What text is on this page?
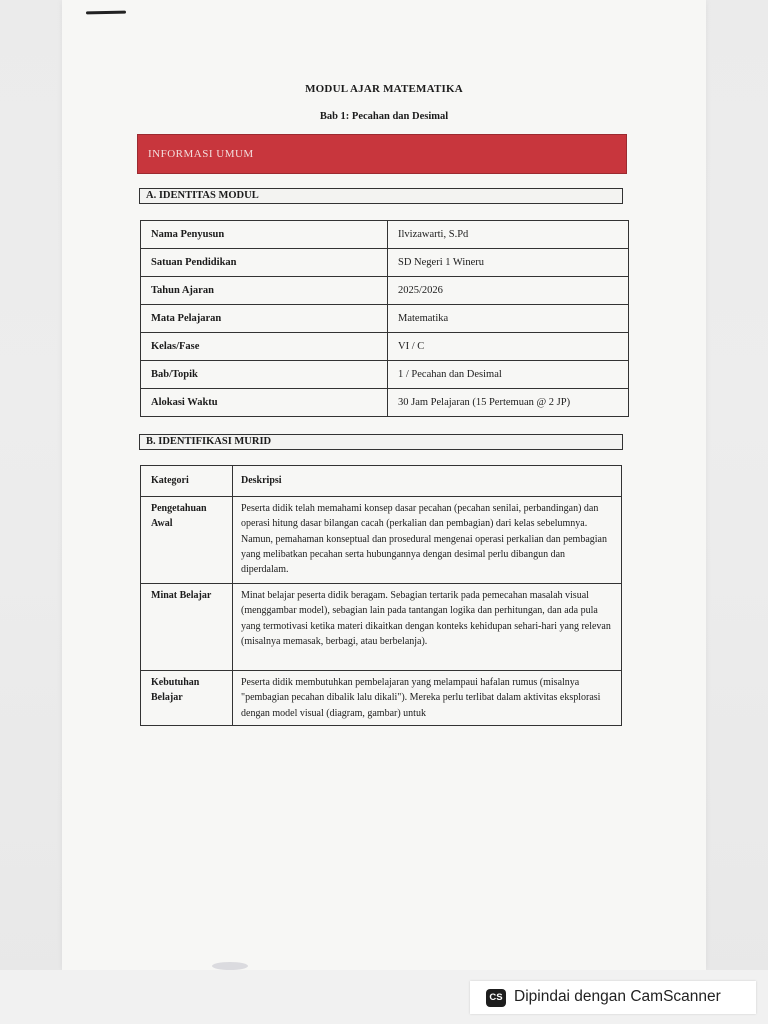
MODUL AJAR MATEMATIKA
Bab 1: Pecahan dan Desimal
INFORMASI UMUM
A. IDENTITAS MODUL
Nama Penyusun	Ilvizawarti, S.Pd
Satuan Pendidikan	SD Negeri 1 Wineru
Tahun Ajaran	2025/2026
Mata Pelajaran	Matematika
Kelas/Fase	VI / C
Bab/Topik	1 / Pecahan dan Desimal
Alokasi Waktu	30 Jam Pelajaran (15 Pertemuan @ 2 JP)
B. IDENTIFIKASI MURID
Kategori	Deskripsi
Pengetahuan Awal	Peserta didik telah memahami konsep dasar pecahan (pecahan senilai, perbandingan) dan operasi hitung dasar bilangan cacah (perkalian dan pembagian) dari kelas sebelumnya. Namun, pemahaman konseptual dan prosedural mengenai operasi perkalian dan pembagian yang melibatkan pecahan serta hubungannya dengan desimal perlu dibangun dan diperdalam.
Minat Belajar	Minat belajar peserta didik beragam. Sebagian tertarik pada pemecahan masalah visual (menggambar model), sebagian lain pada tantangan logika dan perhitungan, dan ada pula yang termotivasi ketika materi dikaitkan dengan konteks kehidupan sehari-hari yang relevan (misalnya memasak, berbagi, atau berbelanja).
Kebutuhan Belajar	Peserta didik membutuhkan pembelajaran yang melampaui hafalan rumus (misalnya "pembagian pecahan dibalik lalu dikali"). Mereka perlu terlibat dalam aktivitas eksplorasi dengan model visual (diagram, gambar) untuk
CS Dipindai dengan CamScanner
